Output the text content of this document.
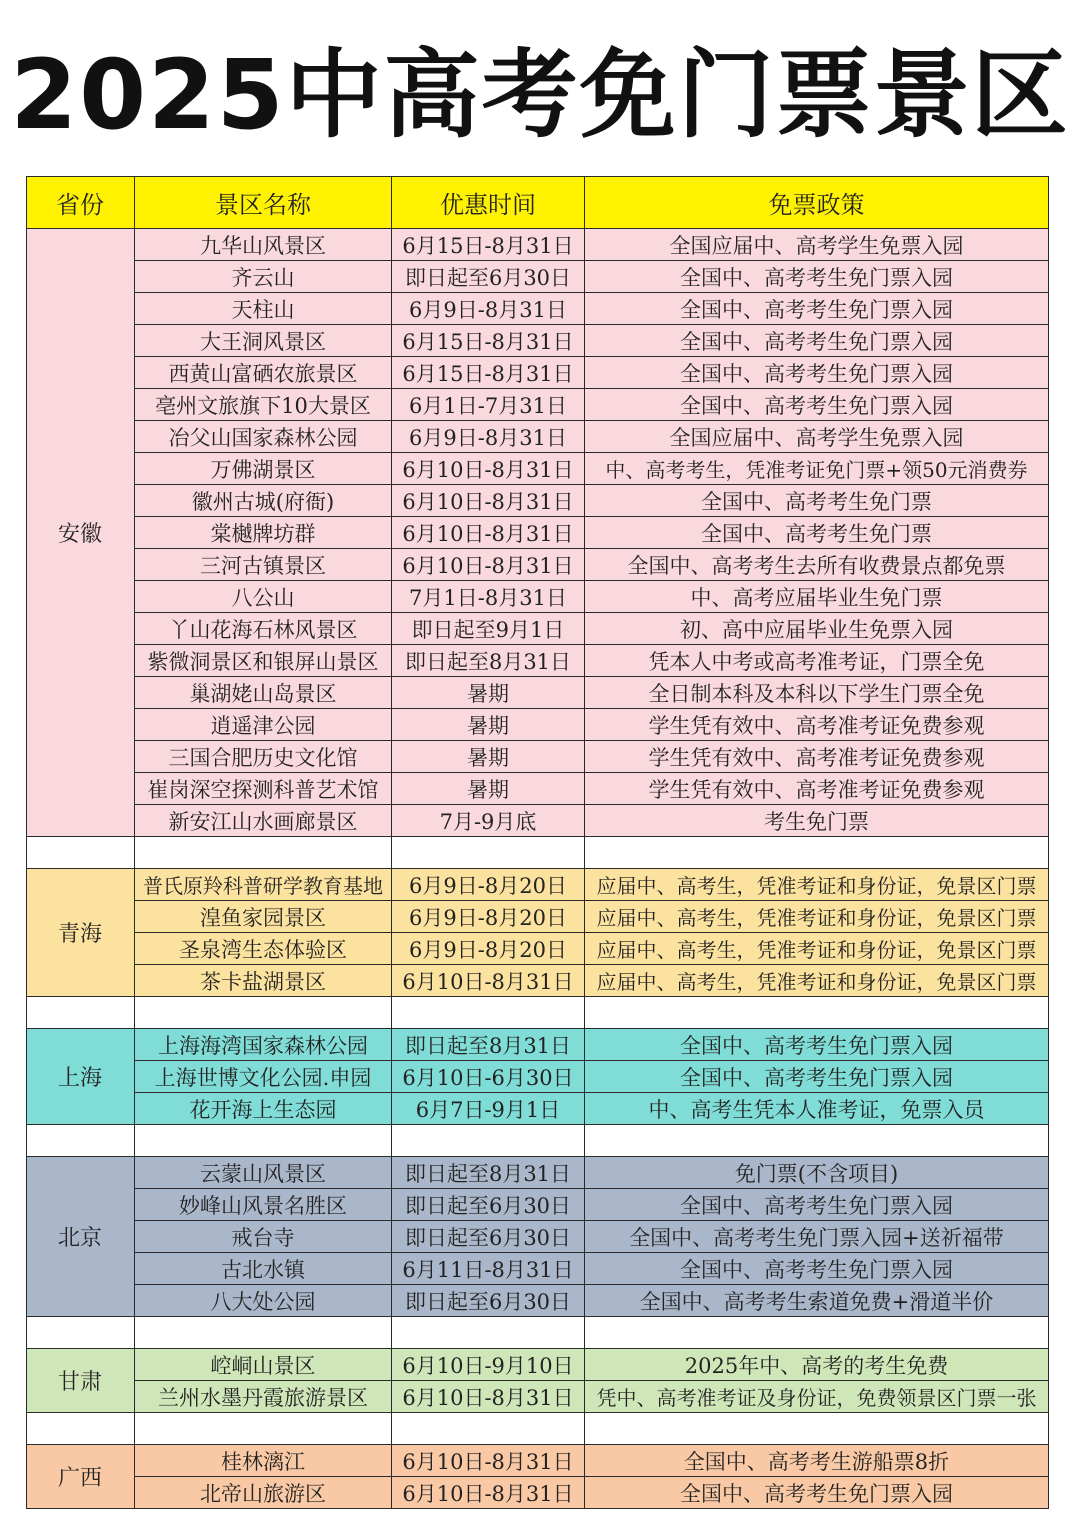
2025中高考免门票景区
省份	景区名称	优惠时间	免票政策
安徽
九华山风景区	6月15日-8月31日	全国应届中、高考学生免票入园
齐云山	即日起至6月30日	全国中、高考考生免门票入园
天柱山	6月9日-8月31日	全国中、高考考生免门票入园
大王洞风景区	6月15日-8月31日	全国中、高考考生免门票入园
西黄山富硒农旅景区	6月15日-8月31日	全国中、高考考生免门票入园
亳州文旅旗下10大景区	6月1日-7月31日	全国中、高考考生免门票入园
冶父山国家森林公园	6月9日-8月31日	全国应届中、高考学生免票入园
万佛湖景区	6月10日-8月31日	中、高考考生，凭准考证免门票+领50元消费券
徽州古城(府衙)	6月10日-8月31日	全国中、高考考生免门票
棠樾牌坊群	6月10日-8月31日	全国中、高考考生免门票
三河古镇景区	6月10日-8月31日	全国中、高考考生去所有收费景点都免票
八公山	7月1日-8月31日	中、高考应届毕业生免门票
丫山花海石林风景区	即日起至9月1日	初、高中应届毕业生免票入园
紫微洞景区和银屏山景区	即日起至8月31日	凭本人中考或高考准考证，门票全免
巢湖姥山岛景区	暑期	全日制本科及本科以下学生门票全免
逍遥津公园	暑期	学生凭有效中、高考准考证免费参观
三国合肥历史文化馆	暑期	学生凭有效中、高考准考证免费参观
崔岗深空探测科普艺术馆	暑期	学生凭有效中、高考准考证免费参观
新安江山水画廊景区	7月-9月底	考生免门票
青海
普氏原羚科普研学教育基地	6月9日-8月20日	应届中、高考生，凭准考证和身份证，免景区门票
湟鱼家园景区	6月9日-8月20日	应届中、高考生，凭准考证和身份证，免景区门票
圣泉湾生态体验区	6月9日-8月20日	应届中、高考生，凭准考证和身份证，免景区门票
茶卡盐湖景区	6月10日-8月31日	应届中、高考生，凭准考证和身份证，免景区门票
上海
上海海湾国家森林公园	即日起至8月31日	全国中、高考考生免门票入园
上海世博文化公园.申园	6月10日-6月30日	全国中、高考考生免门票入园
花开海上生态园	6月7日-9月1日	中、高考生凭本人准考证，免票入员
北京
云蒙山风景区	即日起至8月31日	免门票(不含项目)
妙峰山风景名胜区	即日起至6月30日	全国中、高考考生免门票入园
戒台寺	即日起至6月30日	全国中、高考考生免门票入园+送祈福带
古北水镇	6月11日-8月31日	全国中、高考考生免门票入园
八大处公园	即日起至6月30日	全国中、高考考生索道免费+滑道半价
甘肃
崆峒山景区	6月10日-9月10日	2025年中、高考的考生免费
兰州水墨丹霞旅游景区	6月10日-8月31日	凭中、高考准考证及身份证，免费领景区门票一张
广西
桂林漓江	6月10日-8月31日	全国中、高考考生游船票8折
北帝山旅游区	6月10日-8月31日	全国中、高考考生免门票入园
